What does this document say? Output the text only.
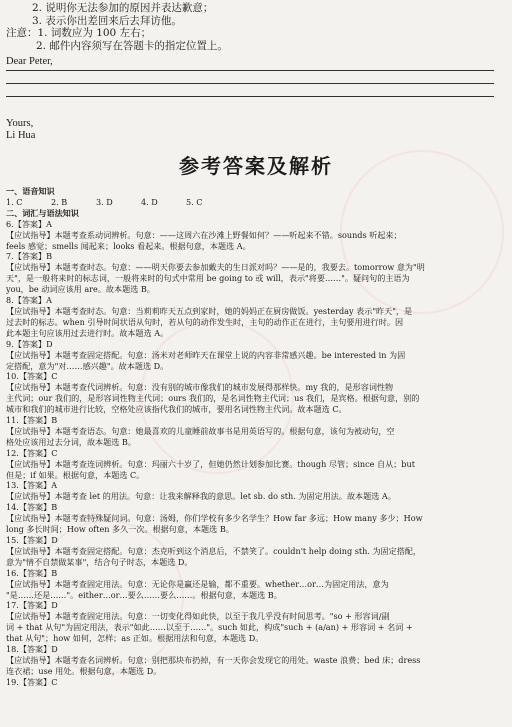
2. 说明你无法参加的原因并表达歉意；
3. 表示你出差回来后去拜访他。
注意：1. 词数应为 100 左右；
2. 邮件内容须写在答题卡的指定位置上。
Dear Peter,
Yours,
Li Hua
参考答案及解析
一、语音知识
1. C	2. B	3. D	4. D	5. C
二、词汇与语法知识
6.【答案】A
【应试指导】本题考查系动词辨析。句意：——这周六在沙滩上野餐如何？——听起来不错。sounds 听起来；
feels 感觉；smells 闻起来；looks 看起来。根据句意，本题选 A。
7.【答案】B
【应试指导】本题考查时态。句意：——明天你要去参加戴夫的生日派对吗？——是的，我要去。tomorrow 意为"明
天"，是一般将来时的标志词，一般将来时的句式中常用 be going to 或 will，表示"将要……"。疑问句的主语为
you，be 动词应该用 are。故本题选 B。
8.【答案】A
【应试指导】本题考查时态。句意：当莉莉昨天五点到家时，她的妈妈正在厨房做饭。yesterday 表示"昨天"，是
过去时的标志。when 引导时间状语从句时，若从句的动作发生时，主句的动作正在进行，主句要用进行时。因
此本题主句应该用过去进行时。故本题选 A。
9.【答案】D
【应试指导】本题考查固定搭配。句意：汤米对老师昨天在课堂上说的内容非常感兴趣。be interested in 为固
定搭配，意为"对……感兴趣"。故本题选 D。
10.【答案】C
【应试指导】本题考查代词辨析。句意：没有别的城市像我们的城市发展得那样快。my 我的，是形容词性物
主代词；our 我们的，是形容词性物主代词；ours 我们的，是名词性物主代词；us 我们，是宾格。根据句意，别的
城市和我们的城市进行比较，空格处应该指代我们的城市，要用名词性物主代词。故本题选 C。
11.【答案】B
【应试指导】本题考查语态。句意：她最喜欢的儿童睡前故事书是用英语写的。根据句意，该句为被动句，空
格处应该用过去分词，故本题选 B。
12.【答案】C
【应试指导】本题考查连词辨析。句意：玛丽六十岁了，但她仍然计划参加比赛。though 尽管；since 自从；but
但是；if 如果。根据句意，本题选 C。
13.【答案】A
【应试指导】本题考查 let 的用法。句意：让我来解释我的意思。let sb. do sth. 为固定用法。故本题选 A。
14.【答案】B
【应试指导】本题考查特殊疑问词。句意：汤姆，你们学校有多少名学生？How far 多远；How many 多少；How
long 多长时间；How often 多久一次。根据句意，本题选 B。
15.【答案】D
【应试指导】本题考查固定搭配。句意：杰克听到这个消息后，不禁笑了。couldn't help doing sth. 为固定搭配，
意为"情不自禁做某事"，结合句子时态，本题选 D。
16.【答案】B
【应试指导】本题考查固定用法。句意：无论你是赢还是输，都不重要。whether…or…为固定用法，意为
"是……还是……"。either…or…要么……要么……。根据句意，本题选 B。
17.【答案】D
【应试指导】本题考查固定用法。句意：一切变化得如此快，以至于我几乎没有时间思考。"so + 形容词/副
词 + that 从句"为固定用法，表示"如此……以至于……"。such 如此，构成"such + (a/an) + 形容词 + 名词 +
that 从句"；how 如何，怎样；as 正如。根据用法和句意，本题选 D。
18.【答案】D
【应试指导】本题考查名词辨析。句意：别把那块布扔掉，有一天你会发现它的用处。waste 浪费；bed 床；dress
连衣裙；use 用处。根据句意，本题选 D。
19.【答案】C
